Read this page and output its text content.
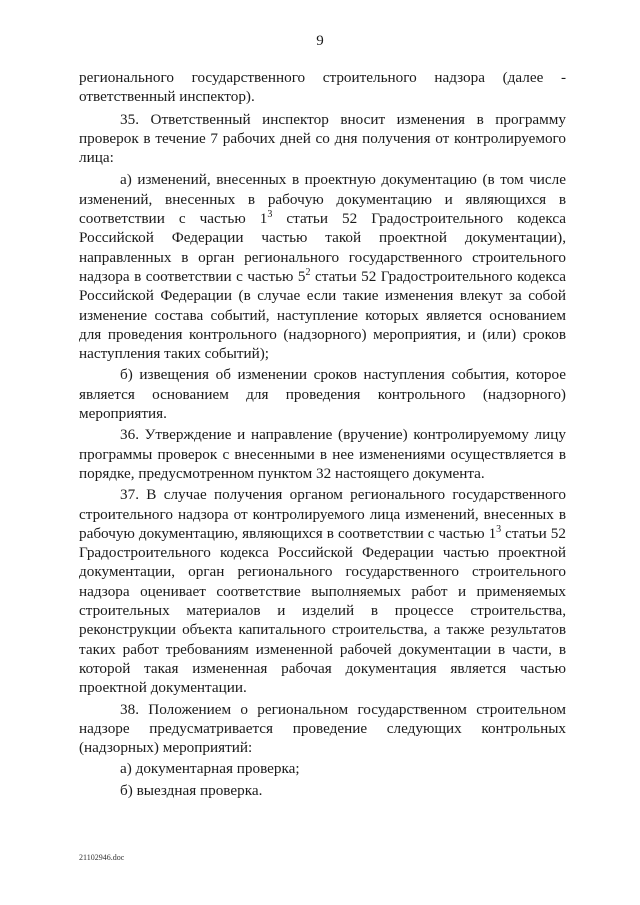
9

регионального государственного строительного надзора (далее - ответственный инспектор).

35. Ответственный инспектор вносит изменения в программу проверок в течение 7 рабочих дней со дня получения от контролируемого лица:

а) изменений, внесенных в проектную документацию (в том числе изменений, внесенных в рабочую документацию и являющихся в соответствии с частью $1^3$ статьи 52 Градостроительного кодекса Российской Федерации частью такой проектной документации), направленных в орган регионального государственного строительного надзора в соответствии с частью $5^2$ статьи 52 Градостроительного кодекса Российской Федерации (в случае если такие изменения влекут за собой изменение состава событий, наступление которых является основанием для проведения контрольного (надзорного) мероприятия, и (или) сроков наступления таких событий);

б) извещения об изменении сроков наступления события, которое является основанием для проведения контрольного (надзорного) мероприятия.

36. Утверждение и направление (вручение) контролируемому лицу программы проверок с внесенными в нее изменениями осуществляется в порядке, предусмотренном пунктом 32 настоящего документа.

37. В случае получения органом регионального государственного строительного надзора от контролируемого лица изменений, внесенных в рабочую документацию, являющихся в соответствии с частью $1^3$ статьи 52 Градостроительного кодекса Российской Федерации частью проектной документации, орган регионального государственного строительного надзора оценивает соответствие выполняемых работ и применяемых строительных материалов и изделий в процессе строительства, реконструкции объекта капитального строительства, а также результатов таких работ требованиям измененной рабочей документации в части, в которой такая измененная рабочая документация является частью проектной документации.

38. Положением о региональном государственном строительном надзоре предусматривается проведение следующих контрольных (надзорных) мероприятий:

а) документарная проверка;

б) выездная проверка.

21102946.doc
